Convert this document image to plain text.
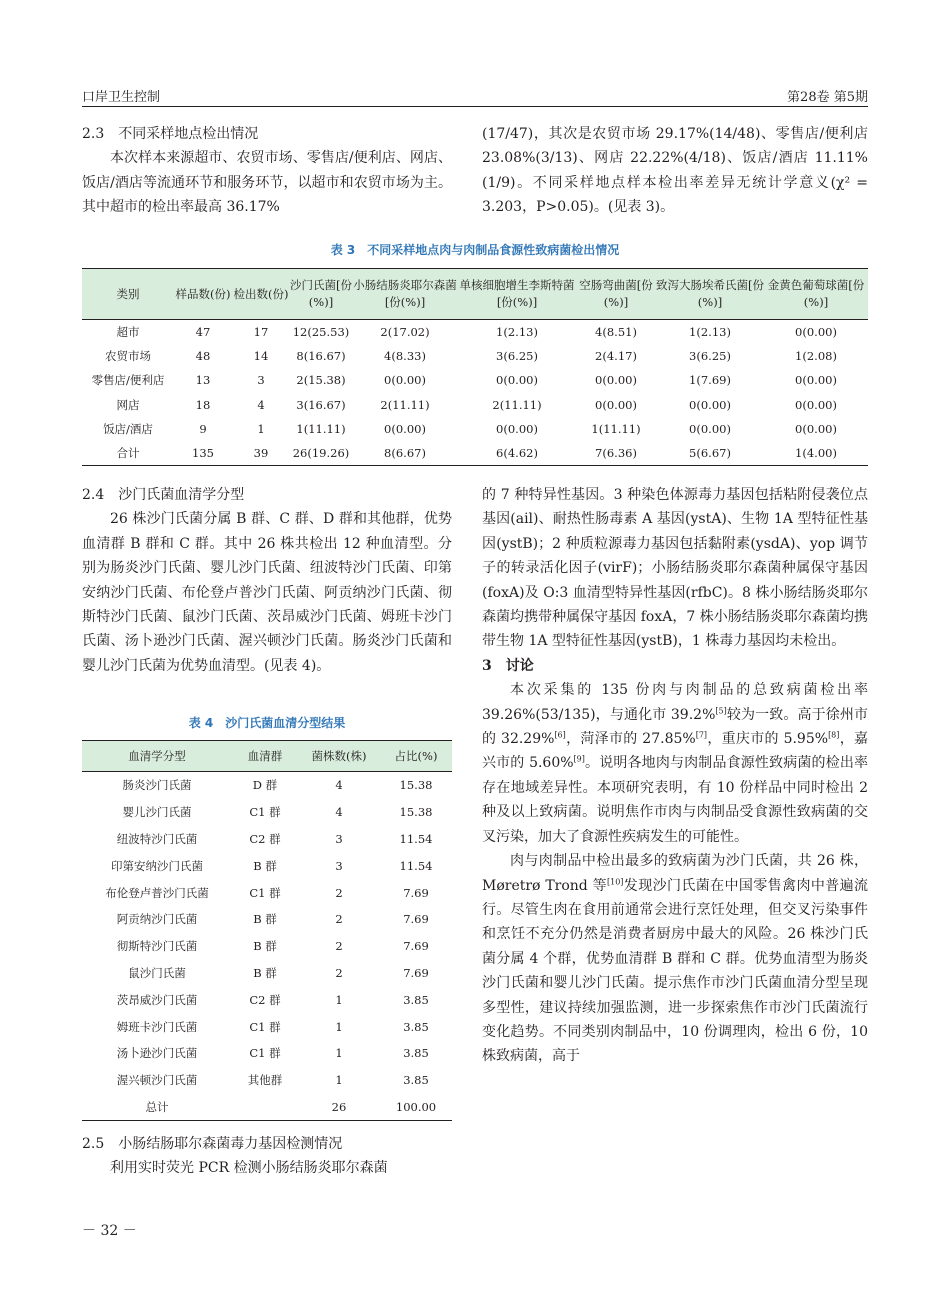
口岸卫生控制	第28卷 第5期
2.3　不同采样地点检出情况

本次样本来源超市、农贸市场、零售店/便利店、网店、饭店/酒店等流通环节和服务环节，以超市和农贸市场为主。其中超市的检出率最高 36.17%

(17/47)，其次是农贸市场 29.17%(14/48)、零售店/便利店 23.08%(3/13)、网店 22.22%(4/18)、饭店/酒店 11.11%(1/9)。不同采样地点样本检出率差异无统计学意义(χ² = 3.203，P>0.05)。(见表 3)。

表 3　不同采样地点肉与肉制品食源性致病菌检出情况
类别	样品数(份)	检出数(份)	沙门氏菌[份(%)]	小肠结肠炎耶尔森菌[份(%)]	单核细胞增生李斯特菌[份(%)]	空肠弯曲菌[份(%)]	致泻大肠埃希氏菌[份(%)]	金黄色葡萄球菌[份(%)]
超市	47	17	12(25.53)	2(17.02)	1(2.13)	4(8.51)	1(2.13)	0(0.00)
农贸市场	48	14	8(16.67)	4(8.33)	3(6.25)	2(4.17)	3(6.25)	1(2.08)
零售店/便利店	13	3	2(15.38)	0(0.00)	0(0.00)	0(0.00)	1(7.69)	0(0.00)
网店	18	4	3(16.67)	2(11.11)	2(11.11)	0(0.00)	0(0.00)	0(0.00)
饭店/酒店	9	1	1(11.11)	0(0.00)	0(0.00)	1(11.11)	0(0.00)	0(0.00)
合计	135	39	26(19.26)	8(6.67)	6(4.62)	7(6.36)	5(6.67)	1(4.00)
2.4　沙门氏菌血清学分型

26 株沙门氏菌分属 B 群、C 群、D 群和其他群，优势血清群 B 群和 C 群。其中 26 株共检出 12 种血清型。分别为肠炎沙门氏菌、婴儿沙门氏菌、纽波特沙门氏菌、印第安纳沙门氏菌、布伦登卢普沙门氏菌、阿贡纳沙门氏菌、彻斯特沙门氏菌、鼠沙门氏菌、茨昂威沙门氏菌、姆班卡沙门氏菌、汤卜逊沙门氏菌、渥兴顿沙门氏菌。肠炎沙门氏菌和婴儿沙门氏菌为优势血清型。(见表 4)。

表 4　沙门氏菌血清分型结果
血清学分型	血清群	菌株数(株)	占比(%)
肠炎沙门氏菌	D 群	4	15.38
婴儿沙门氏菌	C1 群	4	15.38
纽波特沙门氏菌	C2 群	3	11.54
印第安纳沙门氏菌	B 群	3	11.54
布伦登卢普沙门氏菌	C1 群	2	7.69
阿贡纳沙门氏菌	B 群	2	7.69
彻斯特沙门氏菌	B 群	2	7.69
鼠沙门氏菌	B 群	2	7.69
茨昂威沙门氏菌	C2 群	1	3.85
姆班卡沙门氏菌	C1 群	1	3.85
汤卜逊沙门氏菌	C1 群	1	3.85
渥兴顿沙门氏菌	其他群	1	3.85
总计		26	100.00
2.5　小肠结肠耶尔森菌毒力基因检测情况

利用实时荧光 PCR 检测小肠结肠炎耶尔森菌

的 7 种特异性基因。3 种染色体源毒力基因包括粘附侵袭位点基因(ail)、耐热性肠毒素 A 基因(ystA)、生物 1A 型特征性基因(ystB)；2 种质粒源毒力基因包括黏附素(ysdA)、yop 调节子的转录活化因子(virF)；小肠结肠炎耶尔森菌种属保守基因(foxA)及 O:3 血清型特异性基因(rfbC)。8 株小肠结肠炎耶尔森菌均携带种属保守基因 foxA，7 株小肠结肠炎耶尔森菌均携带生物 1A 型特征性基因(ystB)，1 株毒力基因均未检出。

3　讨论

本次采集的 135 份肉与肉制品的总致病菌检出率 39.26%(53/135)，与通化市 39.2%[5]较为一致。高于徐州市的 32.29%[6]，菏泽市的 27.85%[7]，重庆市的 5.95%[8]，嘉兴市的 5.60%[9]。说明各地肉与肉制品食源性致病菌的检出率存在地域差异性。本项研究表明，有 10 份样品中同时检出 2 种及以上致病菌。说明焦作市肉与肉制品受食源性致病菌的交叉污染，加大了食源性疾病发生的可能性。

肉与肉制品中检出最多的致病菌为沙门氏菌，共 26 株，Møretrø Trond 等[10]发现沙门氏菌在中国零售禽肉中普遍流行。尽管生肉在食用前通常会进行烹饪处理，但交叉污染事件和烹饪不充分仍然是消费者厨房中最大的风险。26 株沙门氏菌分属 4 个群，优势血清群 B 群和 C 群。优势血清型为肠炎沙门氏菌和婴儿沙门氏菌。提示焦作市沙门氏菌血清分型呈现多型性，建议持续加强监测，进一步探索焦作市沙门氏菌流行变化趋势。不同类别肉制品中，10 份调理肉，检出 6 份，10 株致病菌，高于

－ 32 －
